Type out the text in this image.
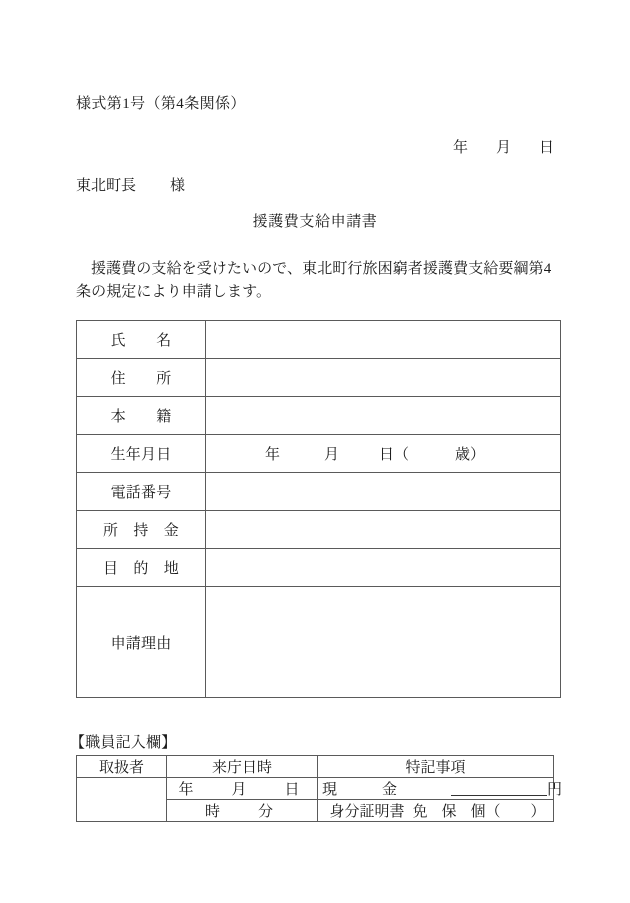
様式第1号（第4条関係）
年 月 日
東北町長 様
援護費支給申請書
援護費の支給を受けたいので、東北町行旅困窮者援護費支給要綱第4条の規定により申請します。
氏　　名	
住　　所	
本　　籍	
生年月日	年 月 日（ 歳）

電話番号	
所　持　金	
目　的　地	
申請理由	
【職員記入欄】
取扱者	来庁日時	特記事項
	年 月 日	現　　　金 円
	時 分	身分証明書 免 保 個（ ）
